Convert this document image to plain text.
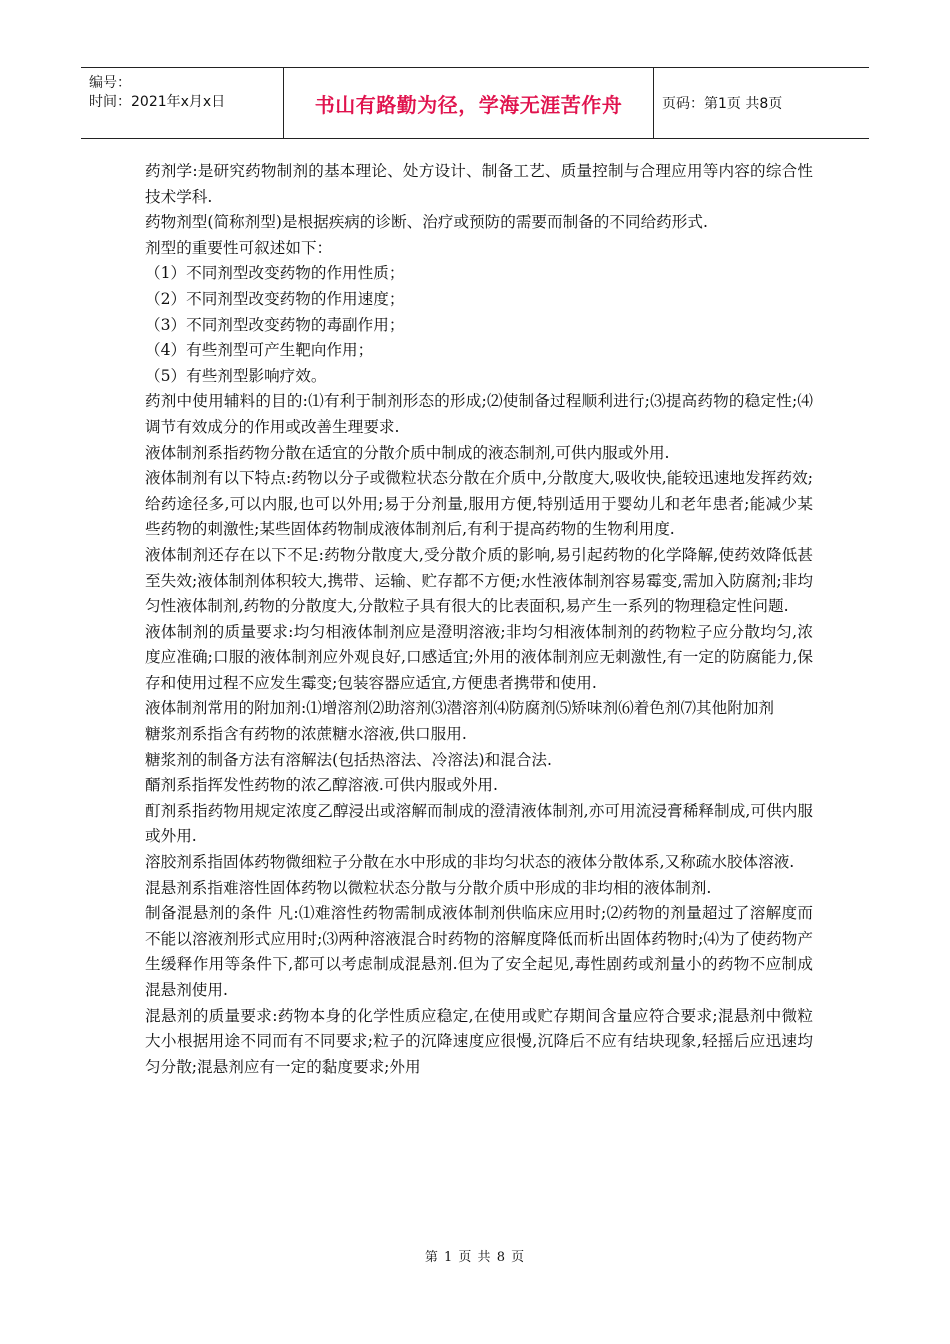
编号：
时间：2021年x月x日	书山有路勤为径，学海无涯苦作舟	页码：第1页 共8页

药剂学:是研究药物制剂的基本理论、处方设计、制备工艺、质量控制与合理应用等内容的综合性技术学科.

药物剂型(简称剂型)是根据疾病的诊断、治疗或预防的需要而制备的不同给药形式.

剂型的重要性可叙述如下：

（1）不同剂型改变药物的作用性质；

（2）不同剂型改变药物的作用速度；

（3）不同剂型改变药物的毒副作用；

（4）有些剂型可产生靶向作用；

（5）有些剂型影响疗效。

药剂中使用辅料的目的:⑴有利于制剂形态的形成;⑵使制备过程顺利进行;⑶提高药物的稳定性;⑷调节有效成分的作用或改善生理要求.

液体制剂系指药物分散在适宜的分散介质中制成的液态制剂,可供内服或外用.

液体制剂有以下特点:药物以分子或微粒状态分散在介质中,分散度大,吸收快,能较迅速地发挥药效;给药途径多,可以内服,也可以外用;易于分剂量,服用方便,特别适用于婴幼儿和老年患者;能减少某些药物的刺激性;某些固体药物制成液体制剂后,有利于提高药物的生物利用度.

液体制剂还存在以下不足:药物分散度大,受分散介质的影响,易引起药物的化学降解,使药效降低甚至失效;液体制剂体积较大,携带、运输、贮存都不方便;水性液体制剂容易霉变,需加入防腐剂;非均匀性液体制剂,药物的分散度大,分散粒子具有很大的比表面积,易产生一系列的物理稳定性问题.

液体制剂的质量要求:均匀相液体制剂应是澄明溶液;非均匀相液体制剂的药物粒子应分散均匀,浓度应准确;口服的液体制剂应外观良好,口感适宜;外用的液体制剂应无刺激性,有一定的防腐能力,保存和使用过程不应发生霉变;包装容器应适宜,方便患者携带和使用.

液体制剂常用的附加剂:⑴增溶剂⑵助溶剂⑶潜溶剂⑷防腐剂⑸矫味剂⑹着色剂⑺其他附加剂

糖浆剂系指含有药物的浓蔗糖水溶液,供口服用.

糖浆剂的制备方法有溶解法(包括热溶法、冷溶法)和混合法.

醑剂系指挥发性药物的浓乙醇溶液.可供内服或外用.

酊剂系指药物用规定浓度乙醇浸出或溶解而制成的澄清液体制剂,亦可用流浸膏稀释制成,可供内服或外用.

溶胶剂系指固体药物微细粒子分散在水中形成的非均匀状态的液体分散体系,又称疏水胶体溶液.

混悬剂系指难溶性固体药物以微粒状态分散与分散介质中形成的非均相的液体制剂.

制备混悬剂的条件 凡:⑴难溶性药物需制成液体制剂供临床应用时;⑵药物的剂量超过了溶解度而不能以溶液剂形式应用时;⑶两种溶液混合时药物的溶解度降低而析出固体药物时;⑷为了使药物产生缓释作用等条件下,都可以考虑制成混悬剂.但为了安全起见,毒性剧药或剂量小的药物不应制成混悬剂使用.

混悬剂的质量要求:药物本身的化学性质应稳定,在使用或贮存期间含量应符合要求;混悬剂中微粒大小根据用途不同而有不同要求;粒子的沉降速度应很慢,沉降后不应有结块现象,轻摇后应迅速均匀分散;混悬剂应有一定的黏度要求;外用

第 1 页 共 8 页
